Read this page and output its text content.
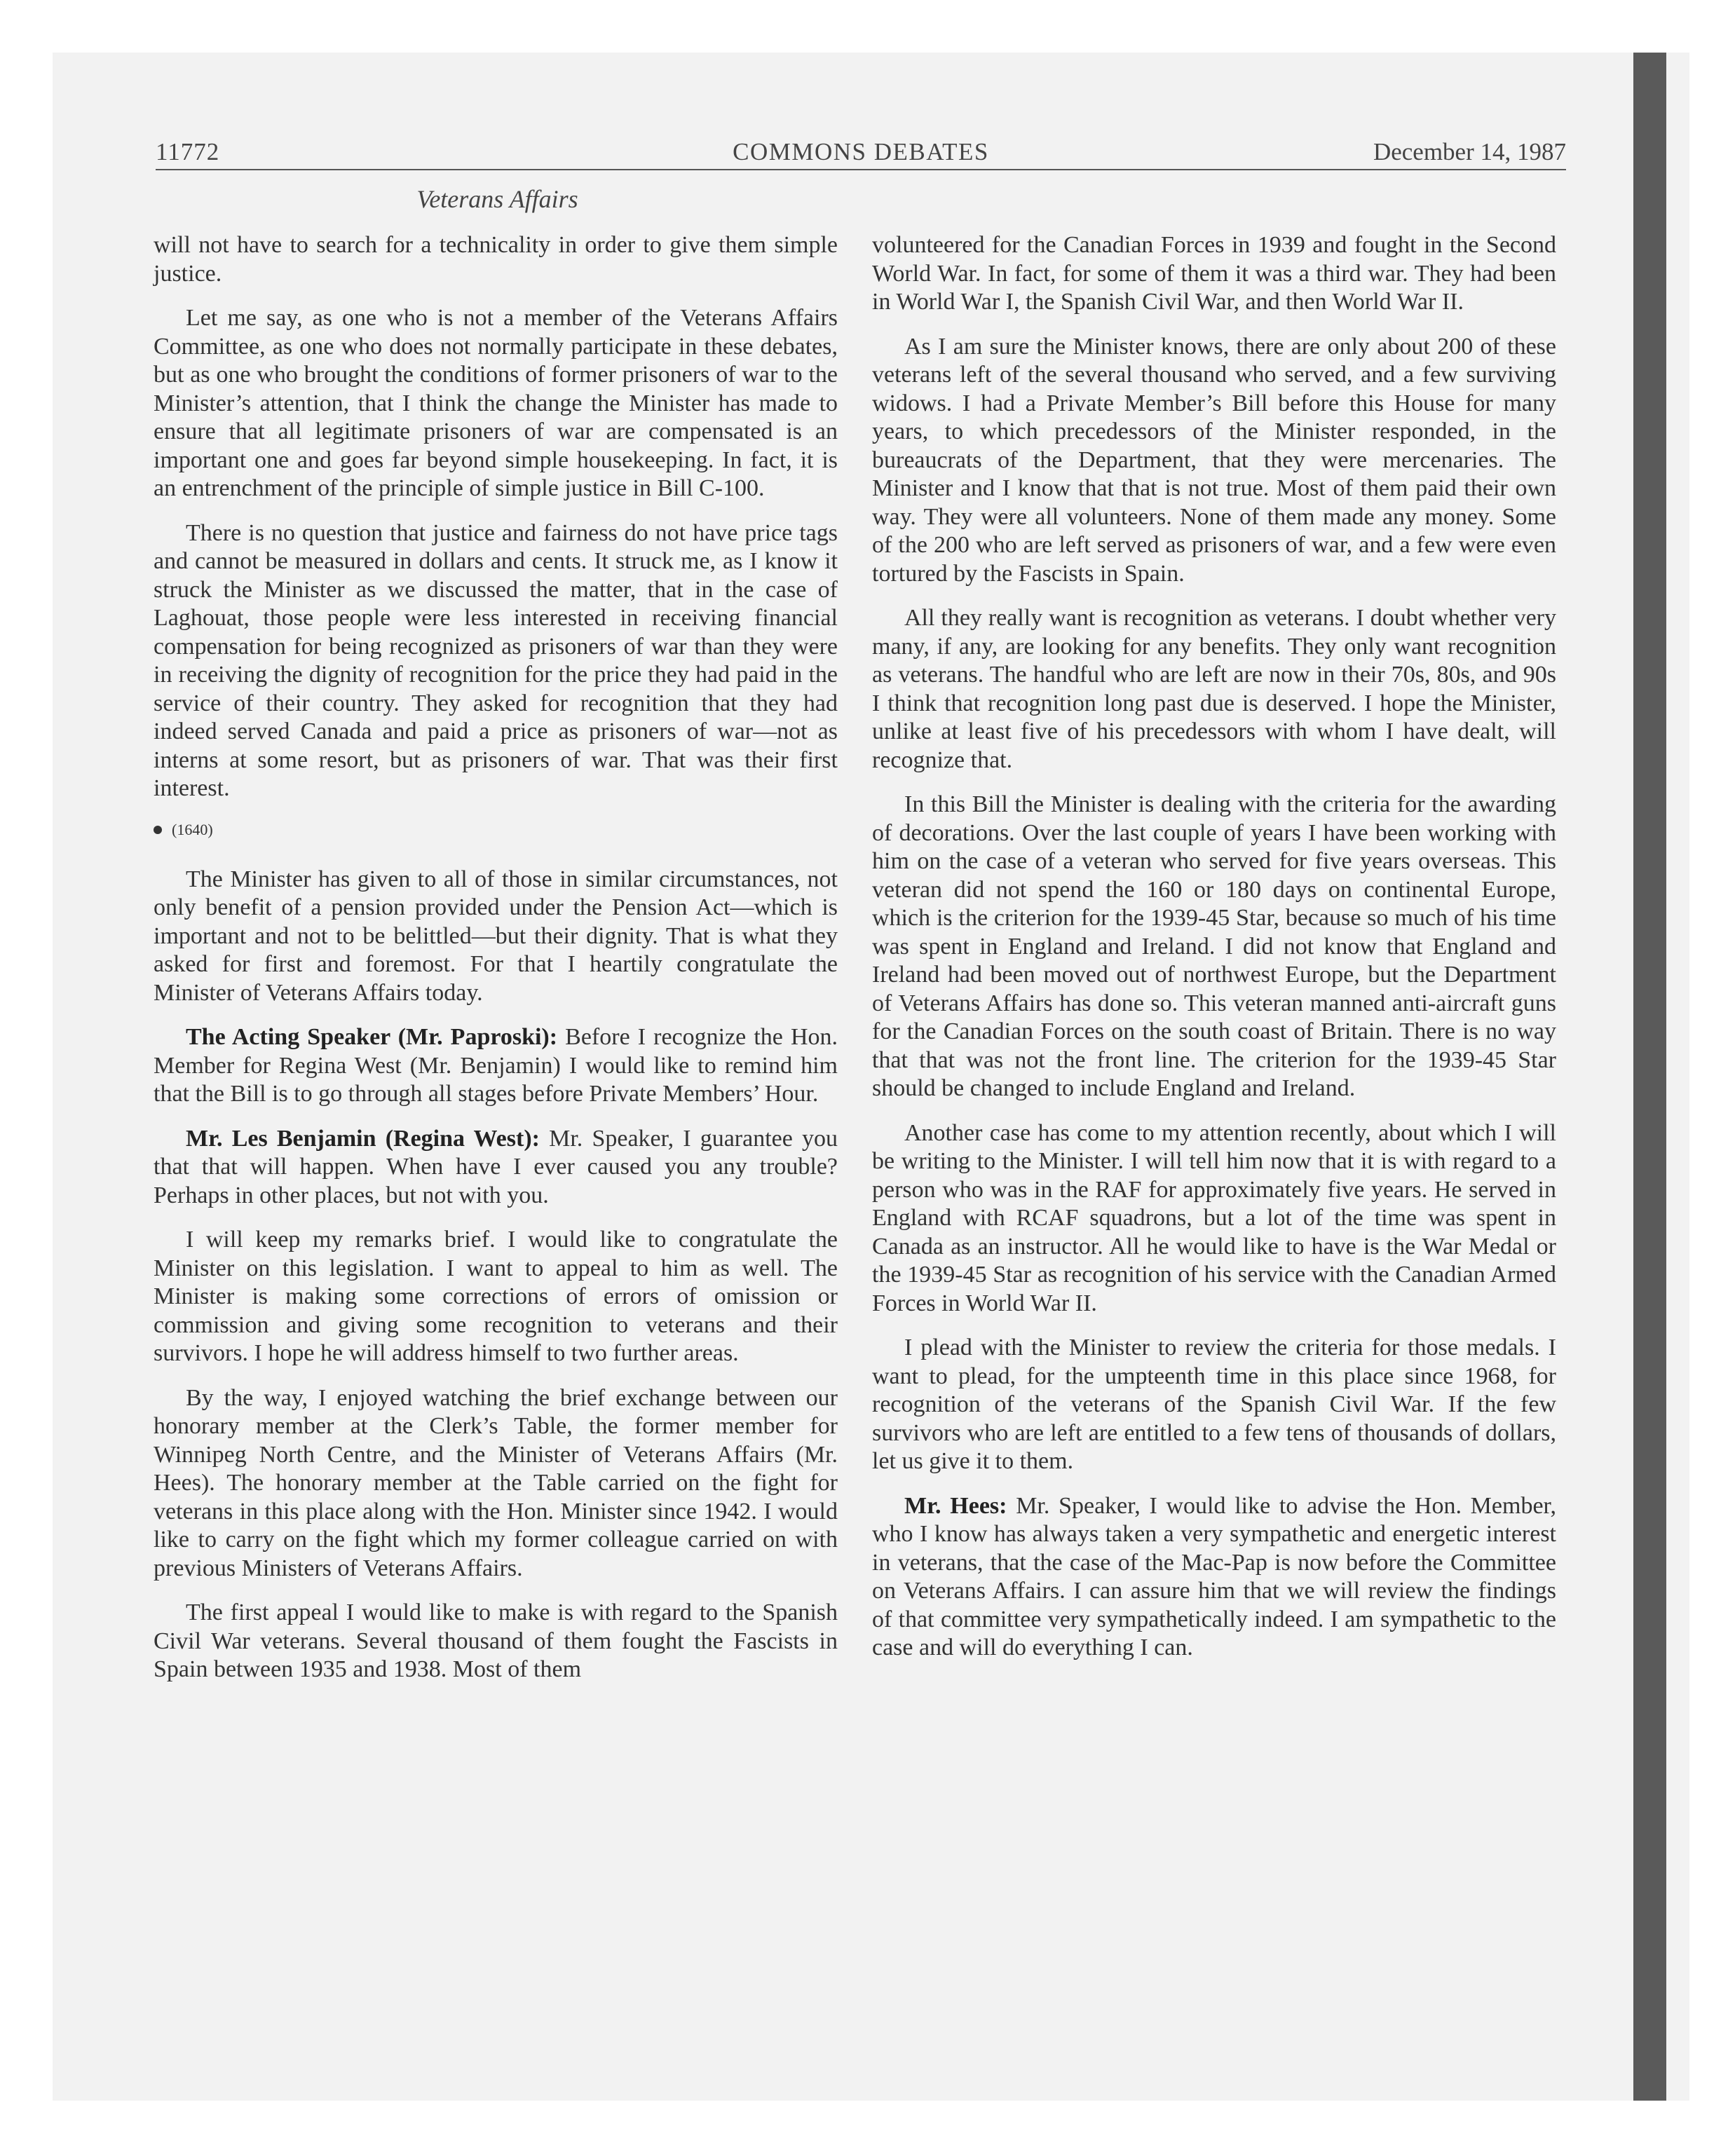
11772	COMMONS DEBATES	December 14, 1987
Veterans Affairs

will not have to search for a technicality in order to give them simple justice.

Let me say, as one who is not a member of the Veterans Affairs Committee, as one who does not normally participate in these debates, but as one who brought the conditions of former prisoners of war to the Minister’s attention, that I think the change the Minister has made to ensure that all legitimate prisoners of war are compensated is an important one and goes far beyond simple housekeeping. In fact, it is an entrenchment of the principle of simple justice in Bill C-100.

There is no question that justice and fairness do not have price tags and cannot be measured in dollars and cents. It struck me, as I know it struck the Minister as we discussed the matter, that in the case of Laghouat, those people were less interested in receiving financial compensation for being recognized as prisoners of war than they were in receiving the dignity of recognition for the price they had paid in the service of their country. They asked for recognition that they had indeed served Canada and paid a price as prisoners of war—not as interns at some resort, but as prisoners of war. That was their first interest.

(1640)

The Minister has given to all of those in similar circumstances, not only benefit of a pension provided under the Pension Act—which is important and not to be belittled—but their dignity. That is what they asked for first and foremost. For that I heartily congratulate the Minister of Veterans Affairs today.

The Acting Speaker (Mr. Paproski): Before I recognize the Hon. Member for Regina West (Mr. Benjamin) I would like to remind him that the Bill is to go through all stages before Private Members’ Hour.

Mr. Les Benjamin (Regina West): Mr. Speaker, I guarantee you that that will happen. When have I ever caused you any trouble? Perhaps in other places, but not with you.

I will keep my remarks brief. I would like to congratulate the Minister on this legislation. I want to appeal to him as well. The Minister is making some corrections of errors of omission or commission and giving some recognition to veterans and their survivors. I hope he will address himself to two further areas.

By the way, I enjoyed watching the brief exchange between our honorary member at the Clerk’s Table, the former member for Winnipeg North Centre, and the Minister of Veterans Affairs (Mr. Hees). The honorary member at the Table carried on the fight for veterans in this place along with the Hon. Minister since 1942. I would like to carry on the fight which my former colleague carried on with previous Ministers of Veterans Affairs.

The first appeal I would like to make is with regard to the Spanish Civil War veterans. Several thousand of them fought the Fascists in Spain between 1935 and 1938. Most of them

volunteered for the Canadian Forces in 1939 and fought in the Second World War. In fact, for some of them it was a third war. They had been in World War I, the Spanish Civil War, and then World War II.

As I am sure the Minister knows, there are only about 200 of these veterans left of the several thousand who served, and a few surviving widows. I had a Private Member’s Bill before this House for many years, to which precedessors of the Minister responded, in the bureaucrats of the Department, that they were mercenaries. The Minister and I know that that is not true. Most of them paid their own way. They were all volunteers. None of them made any money. Some of the 200 who are left served as prisoners of war, and a few were even tortured by the Fascists in Spain.

All they really want is recognition as veterans. I doubt whether very many, if any, are looking for any benefits. They only want recognition as veterans. The handful who are left are now in their 70s, 80s, and 90s I think that recognition long past due is deserved. I hope the Minister, unlike at least five of his precedessors with whom I have dealt, will recognize that.

In this Bill the Minister is dealing with the criteria for the awarding of decorations. Over the last couple of years I have been working with him on the case of a veteran who served for five years overseas. This veteran did not spend the 160 or 180 days on continental Europe, which is the criterion for the 1939-45 Star, because so much of his time was spent in England and Ireland. I did not know that England and Ireland had been moved out of northwest Europe, but the Department of Veterans Affairs has done so. This veteran manned anti-aircraft guns for the Canadian Forces on the south coast of Britain. There is no way that that was not the front line. The criterion for the 1939-45 Star should be changed to include England and Ireland.

Another case has come to my attention recently, about which I will be writing to the Minister. I will tell him now that it is with regard to a person who was in the RAF for approximately five years. He served in England with RCAF squadrons, but a lot of the time was spent in Canada as an instructor. All he would like to have is the War Medal or the 1939-45 Star as recognition of his service with the Canadian Armed Forces in World War II.

I plead with the Minister to review the criteria for those medals. I want to plead, for the umpteenth time in this place since 1968, for recognition of the veterans of the Spanish Civil War. If the few survivors who are left are entitled to a few tens of thousands of dollars, let us give it to them.

Mr. Hees: Mr. Speaker, I would like to advise the Hon. Member, who I know has always taken a very sympathetic and energetic interest in veterans, that the case of the Mac-Pap is now before the Committee on Veterans Affairs. I can assure him that we will review the findings of that committee very sympathetically indeed. I am sympathetic to the case and will do everything I can.
